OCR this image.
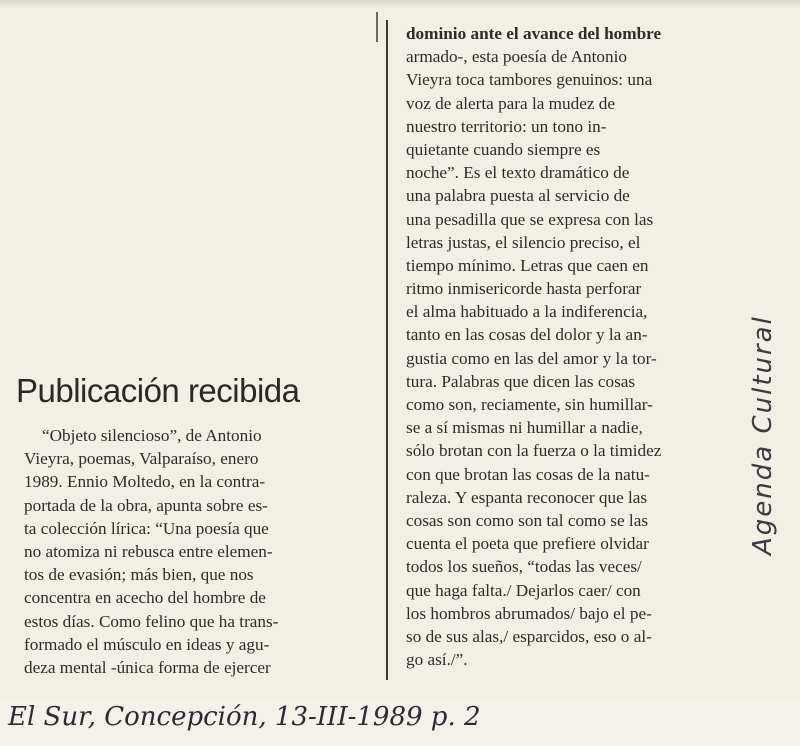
Publicación recibida
“Objeto silencioso”, de Antonio
Vieyra, poemas, Valparaíso, enero
1989. Ennio Moltedo, en la contra-
portada de la obra, apunta sobre es-
ta colección lírica: “Una poesía que
no atomiza ni rebusca entre elemen-
tos de evasión; más bien, que nos
concentra en acecho del hombre de
estos días. Como felino que ha trans-
formado el músculo en ideas y agu-
deza mental -única forma de ejercer
dominio ante el avance del hombre
armado-, esta poesía de Antonio
Vieyra toca tambores genuinos: una
voz de alerta para la mudez de
nuestro territorio: un tono in-
quietante cuando siempre es
noche”. Es el texto dramático de
una palabra puesta al servicio de
una pesadilla que se expresa con las
letras justas, el silencio preciso, el
tiempo mínimo. Letras que caen en
ritmo inmisericorde hasta perforar
el alma habituado a la indiferencia,
tanto en las cosas del dolor y la an-
gustia como en las del amor y la tor-
tura. Palabras que dicen las cosas
como son, reciamente, sin humillar-
se a sí mismas ni humillar a nadie,
sólo brotan con la fuerza o la timidez
con que brotan las cosas de la natu-
raleza. Y espanta reconocer que las
cosas son como son tal como se las
cuenta el poeta que prefiere olvidar
todos los sueños, “todas las veces/
que haga falta./ Dejarlos caer/ con
los hombros abrumados/ bajo el pe-
so de sus alas,/ esparcidos, eso o al-
go así./”.
Agenda Cultural
El Sur, Concepción, 13-III-1989 p. 2
